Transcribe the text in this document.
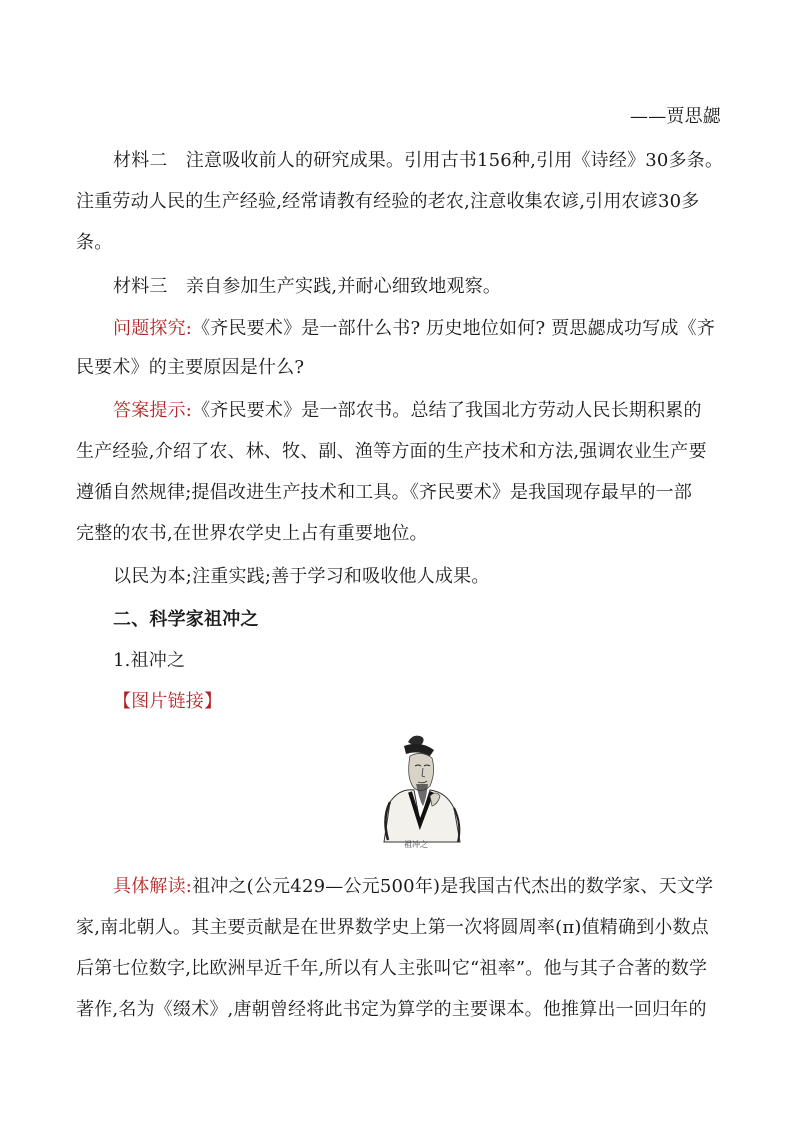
——贾思勰
材料二　注意吸收前人的研究成果。引用古书156种,引用《诗经》30多条。
注重劳动人民的生产经验,经常请教有经验的老农,注意收集农谚,引用农谚30多
条。
材料三　亲自参加生产实践,并耐心细致地观察。
问题探究:《齐民要术》是一部什么书? 历史地位如何? 贾思勰成功写成《齐
民要术》的主要原因是什么?
答案提示:《齐民要术》是一部农书。总结了我国北方劳动人民长期积累的
生产经验,介绍了农、林、牧、副、渔等方面的生产技术和方法,强调农业生产要
遵循自然规律;提倡改进生产技术和工具。《齐民要术》是我国现存最早的一部
完整的农书,在世界农学史上占有重要地位。
以民为本;注重实践;善于学习和吸收他人成果。
二、科学家祖冲之
1.祖冲之
【图片链接】
祖冲之
具体解读:祖冲之(公元429—公元500年)是我国古代杰出的数学家、天文学
家,南北朝人。其主要贡献是在世界数学史上第一次将圆周率(π)值精确到小数点
后第七位数字,比欧洲早近千年,所以有人主张叫它“祖率”。他与其子合著的数学
著作,名为《缀术》,唐朝曾经将此书定为算学的主要课本。他推算出一回归年的
